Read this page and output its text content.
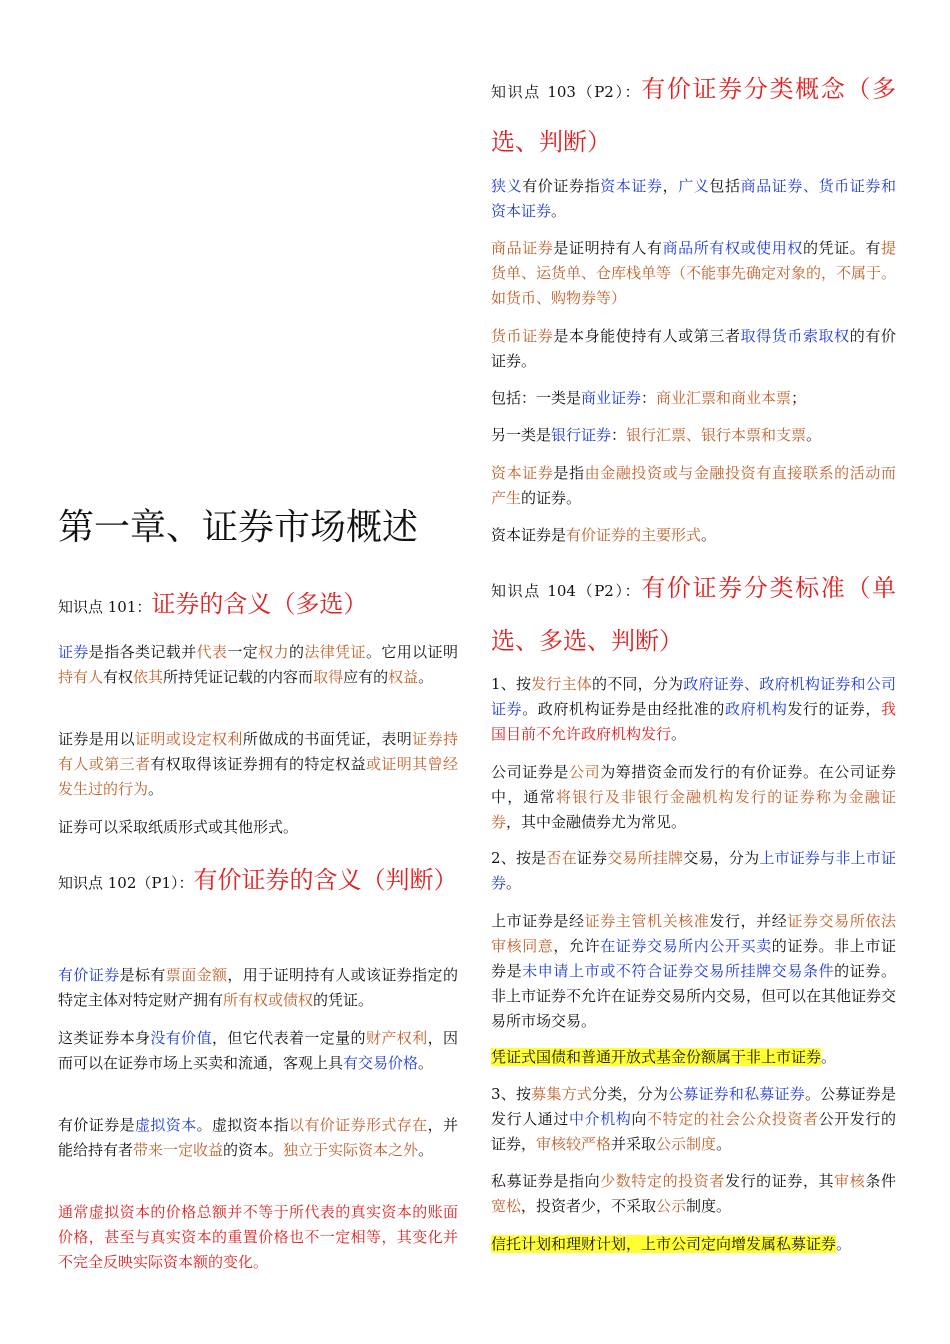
第一章、证券市场概述

知识点 101：证券的含义（多选）

证券是指各类记载并代表一定权力的法律凭证。它用以证明持有人有权依其所持凭证记载的内容而取得应有的权益。

证券是用以证明或设定权利所做成的书面凭证，表明证券持有人或第三者有权取得该证券拥有的特定权益或证明其曾经发生过的行为。

证券可以采取纸质形式或其他形式。

知识点 102（P1）：有价证券的含义（判断）

有价证券是标有票面金额，用于证明持有人或该证券指定的特定主体对特定财产拥有所有权或债权的凭证。

这类证券本身没有价值，但它代表着一定量的财产权利，因而可以在证券市场上买卖和流通，客观上具有交易价格。

有价证券是虚拟资本。虚拟资本指以有价证券形式存在，并能给持有者带来一定收益的资本。独立于实际资本之外。

通常虚拟资本的价格总额并不等于所代表的真实资本的账面价格，甚至与真实资本的重置价格也不一定相等，其变化并不完全反映实际资本额的变化。

知识点 103（P2）：有价证券分类概念（多选、判断）

狭义有价证券指资本证券，广义包括商品证券、货币证券和资本证券。

商品证券是证明持有人有商品所有权或使用权的凭证。有提货单、运货单、仓库栈单等（不能事先确定对象的，不属于。如货币、购物券等）

货币证券是本身能使持有人或第三者取得货币索取权的有价证券。

包括：一类是商业证券：商业汇票和商业本票；

另一类是银行证券：银行汇票、银行本票和支票。

资本证券是指由金融投资或与金融投资有直接联系的活动而产生的证券。

资本证券是有价证券的主要形式。

知识点 104（P2）：有价证券分类标准（单选、多选、判断）

1、按发行主体的不同，分为政府证券、政府机构证券和公司证券。政府机构证券是由经批准的政府机构发行的证券，我国目前不允许政府机构发行。

公司证券是公司为筹措资金而发行的有价证券。在公司证券中，通常将银行及非银行金融机构发行的证券称为金融证券，其中金融债券尤为常见。

2、按是否在证券交易所挂牌交易，分为上市证券与非上市证券。

上市证券是经证券主管机关核准发行，并经证券交易所依法审核同意，允许在证券交易所内公开买卖的证券。非上市证券是未申请上市或不符合证券交易所挂牌交易条件的证券。非上市证券不允许在证券交易所内交易，但可以在其他证券交易所市场交易。

凭证式国债和普通开放式基金份额属于非上市证券。

3、按募集方式分类，分为公募证券和私募证券。公募证券是发行人通过中介机构向不特定的社会公众投资者公开发行的证券，审核较严格并采取公示制度。

私募证券是指向少数特定的投资者发行的证券，其审核条件宽松，投资者少，不采取公示制度。

信托计划和理财计划，上市公司定向增发属私募证券。
